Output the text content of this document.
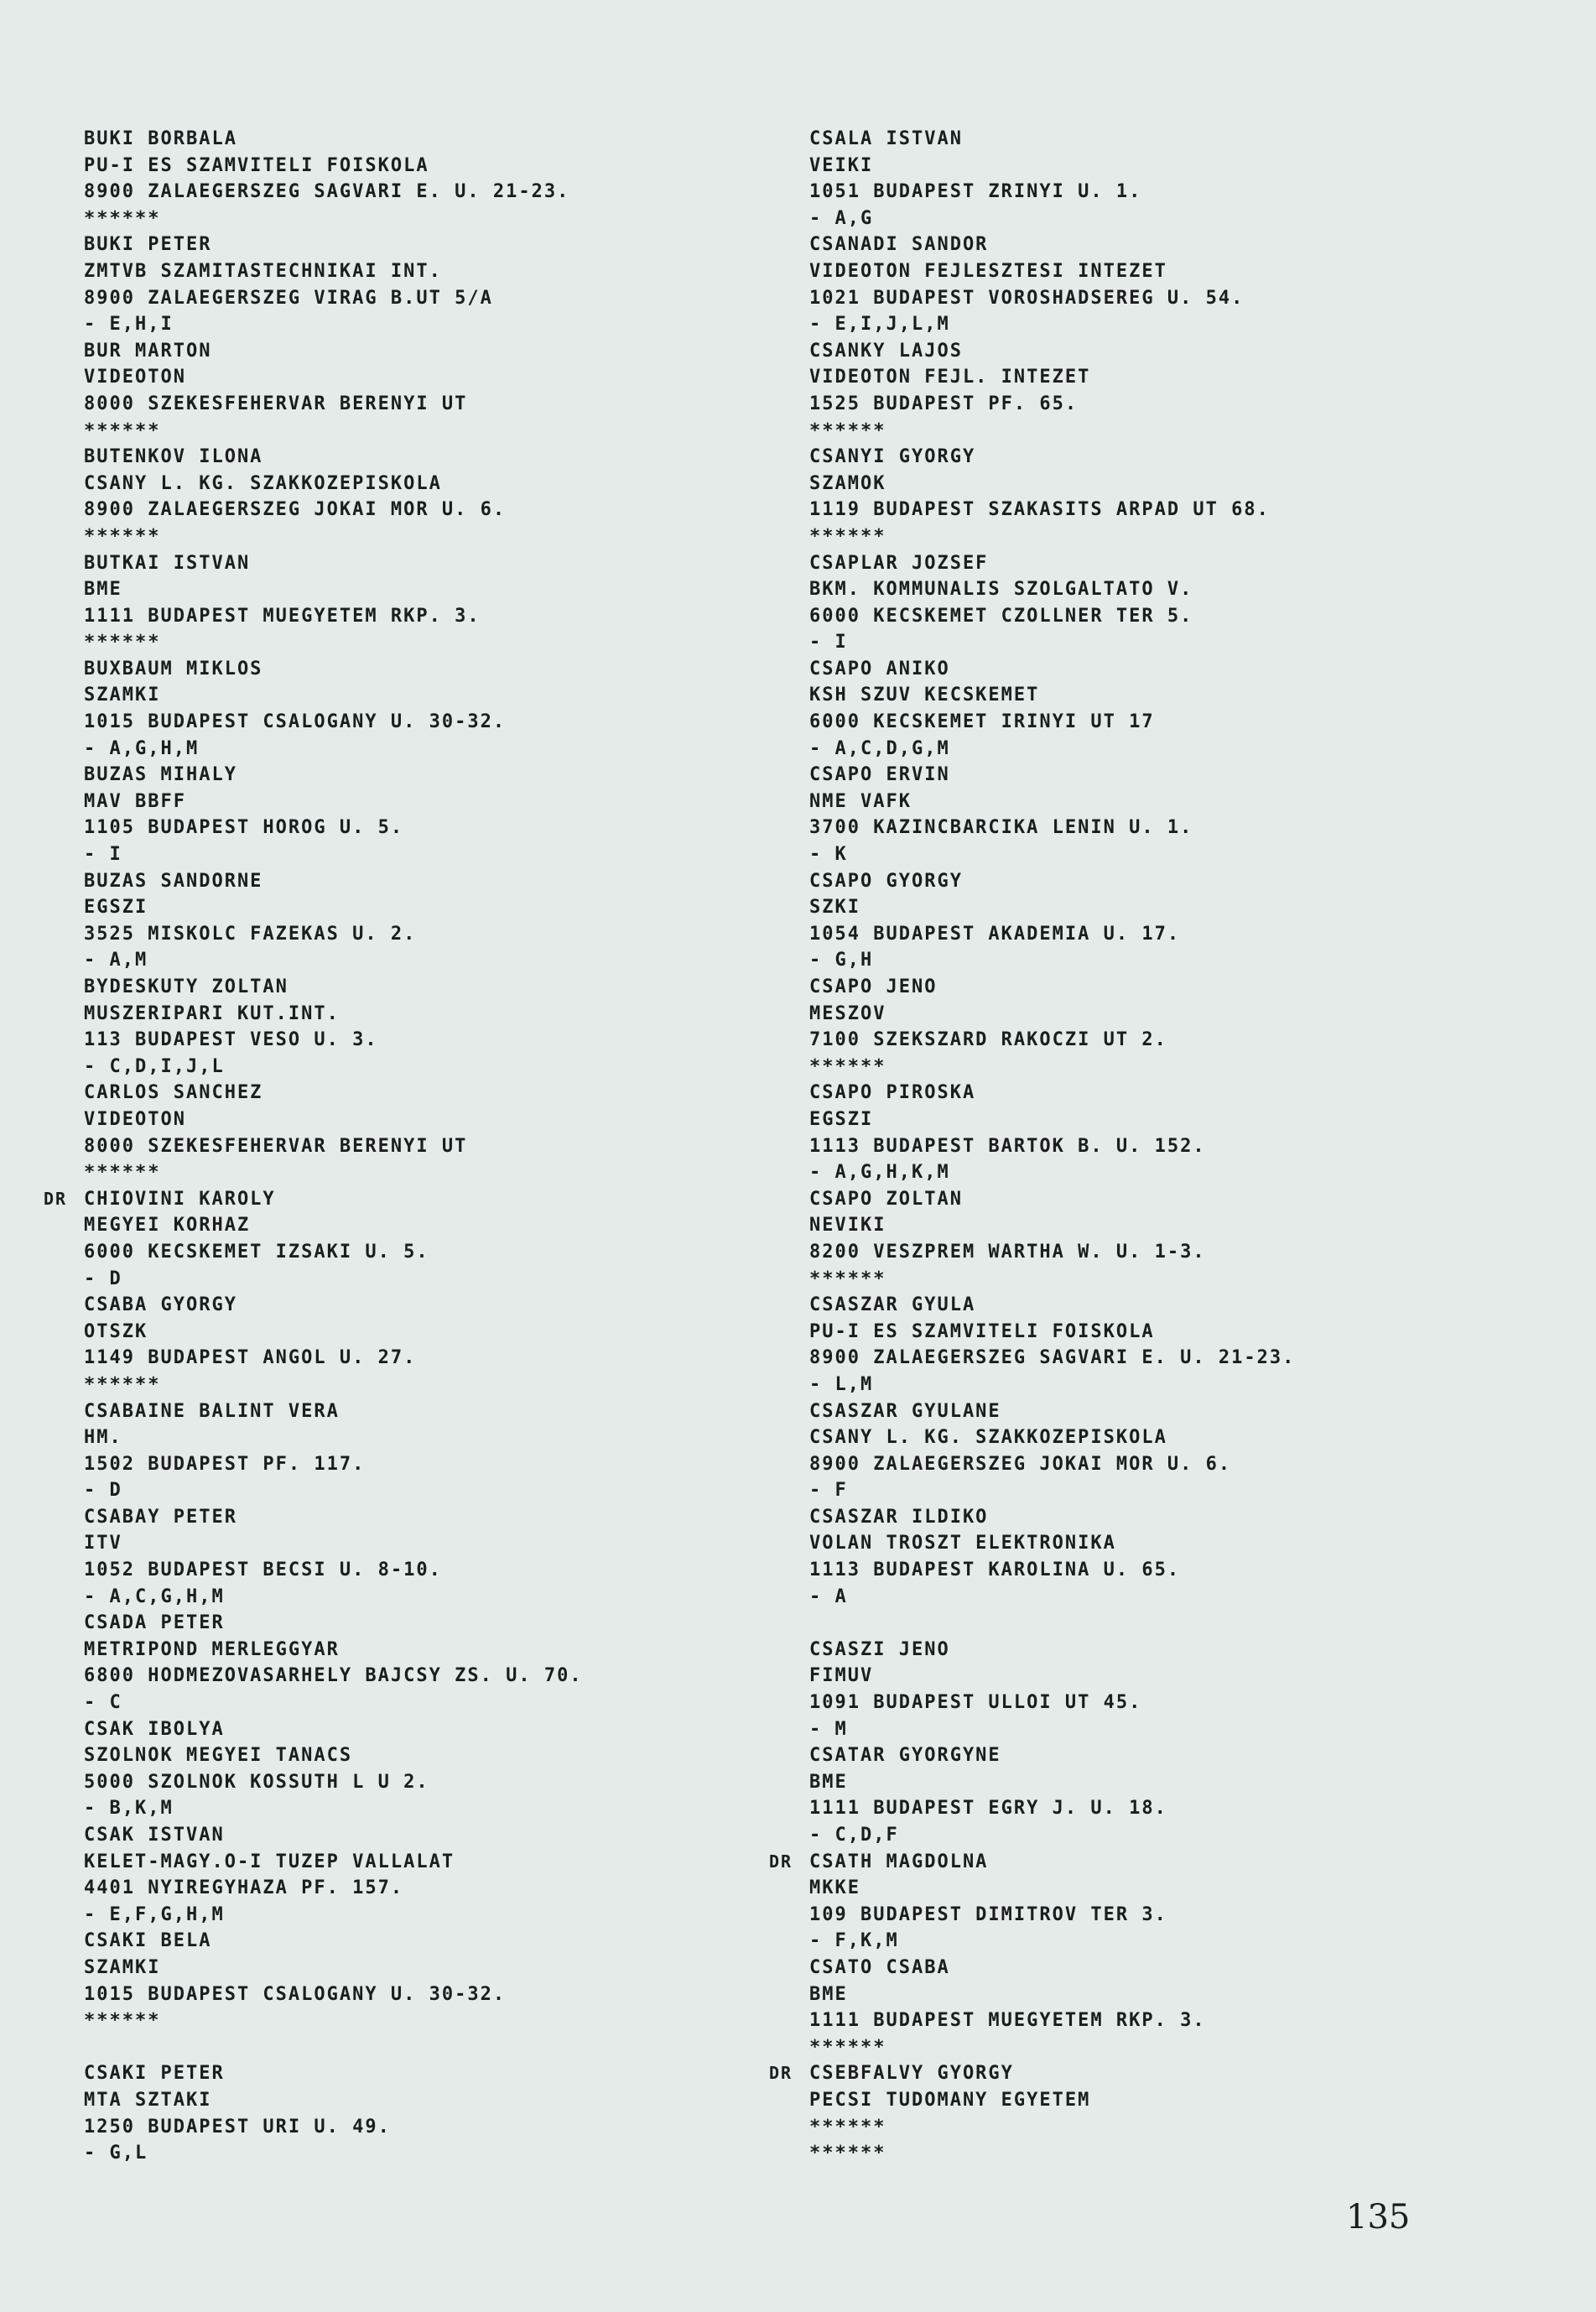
BUKI BORBALA
PU-I ES SZAMVITELI FOISKOLA
8900 ZALAEGERSZEG SAGVARI E. U. 21-23.
******
BUKI PETER
ZMTVB SZAMITASTECHNIKAI INT.
8900 ZALAEGERSZEG VIRAG B.UT 5/A
- E,H,I
BUR MARTON
VIDEOTON
8000 SZEKESFEHERVAR BERENYI UT
******
BUTENKOV ILONA
CSANY L. KG. SZAKKOZEPISKOLA
8900 ZALAEGERSZEG JOKAI MOR U. 6.
******
BUTKAI ISTVAN
BME
1111 BUDAPEST MUEGYETEM RKP. 3.
******
BUXBAUM MIKLOS
SZAMKI
1015 BUDAPEST CSALOGANY U. 30-32.
- A,G,H,M
BUZAS MIHALY
MAV BBFF
1105 BUDAPEST HOROG U. 5.
- I
BUZAS SANDORNE
EGSZI
3525 MISKOLC FAZEKAS U. 2.
- A,M
BYDESKUTY ZOLTAN
MUSZERIPARI KUT.INT.
113 BUDAPEST VESO U. 3.
- C,D,I,J,L
CARLOS SANCHEZ
VIDEOTON
8000 SZEKESFEHERVAR BERENYI UT
******
CHIOVINI KAROLY
DR
MEGYEI KORHAZ
6000 KECSKEMET IZSAKI U. 5.
- D
CSABA GYORGY
OTSZK
1149 BUDAPEST ANGOL U. 27.
******
CSABAINE BALINT VERA
HM.
1502 BUDAPEST PF. 117.
- D
CSABAY PETER
ITV
1052 BUDAPEST BECSI U. 8-10.
- A,C,G,H,M
CSADA PETER
METRIPOND MERLEGGYAR
6800 HODMEZOVASARHELY BAJCSY ZS. U. 70.
- C
CSAK IBOLYA
SZOLNOK MEGYEI TANACS
5000 SZOLNOK KOSSUTH L U 2.
- B,K,M
CSAK ISTVAN
KELET-MAGY.O-I TUZEP VALLALAT
4401 NYIREGYHAZA PF. 157.
- E,F,G,H,M
CSAKI BELA
SZAMKI
1015 BUDAPEST CSALOGANY U. 30-32.
******
CSAKI PETER
MTA SZTAKI
1250 BUDAPEST URI U. 49.
- G,L
CSALA ISTVAN
VEIKI
1051 BUDAPEST ZRINYI U. 1.
- A,G
CSANADI SANDOR
VIDEOTON FEJLESZTESI INTEZET
1021 BUDAPEST VOROSHADSEREG U. 54.
- E,I,J,L,M
CSANKY LAJOS
VIDEOTON FEJL. INTEZET
1525 BUDAPEST PF. 65.
******
CSANYI GYORGY
SZAMOK
1119 BUDAPEST SZAKASITS ARPAD UT 68.
******
CSAPLAR JOZSEF
BKM. KOMMUNALIS SZOLGALTATO V.
6000 KECSKEMET CZOLLNER TER 5.
- I
CSAPO ANIKO
KSH SZUV KECSKEMET
6000 KECSKEMET IRINYI UT 17
- A,C,D,G,M
CSAPO ERVIN
NME VAFK
3700 KAZINCBARCIKA LENIN U. 1.
- K
CSAPO GYORGY
SZKI
1054 BUDAPEST AKADEMIA U. 17.
- G,H
CSAPO JENO
MESZOV
7100 SZEKSZARD RAKOCZI UT 2.
******
CSAPO PIROSKA
EGSZI
1113 BUDAPEST BARTOK B. U. 152.
- A,G,H,K,M
CSAPO ZOLTAN
NEVIKI
8200 VESZPREM WARTHA W. U. 1-3.
******
CSASZAR GYULA
PU-I ES SZAMVITELI FOISKOLA
8900 ZALAEGERSZEG SAGVARI E. U. 21-23.
- L,M
CSASZAR GYULANE
CSANY L. KG. SZAKKOZEPISKOLA
8900 ZALAEGERSZEG JOKAI MOR U. 6.
- F
CSASZAR ILDIKO
VOLAN TROSZT ELEKTRONIKA
1113 BUDAPEST KAROLINA U. 65.
- A
CSASZI JENO
FIMUV
1091 BUDAPEST ULLOI UT 45.
- M
CSATAR GYORGYNE
BME
1111 BUDAPEST EGRY J. U. 18.
- C,D,F
CSATH MAGDOLNA
DR
MKKE
109 BUDAPEST DIMITROV TER 3.
- F,K,M
CSATO CSABA
BME
1111 BUDAPEST MUEGYETEM RKP. 3.
******
CSEBFALVY GYORGY
DR
PECSI TUDOMANY EGYETEM
******
******
135
